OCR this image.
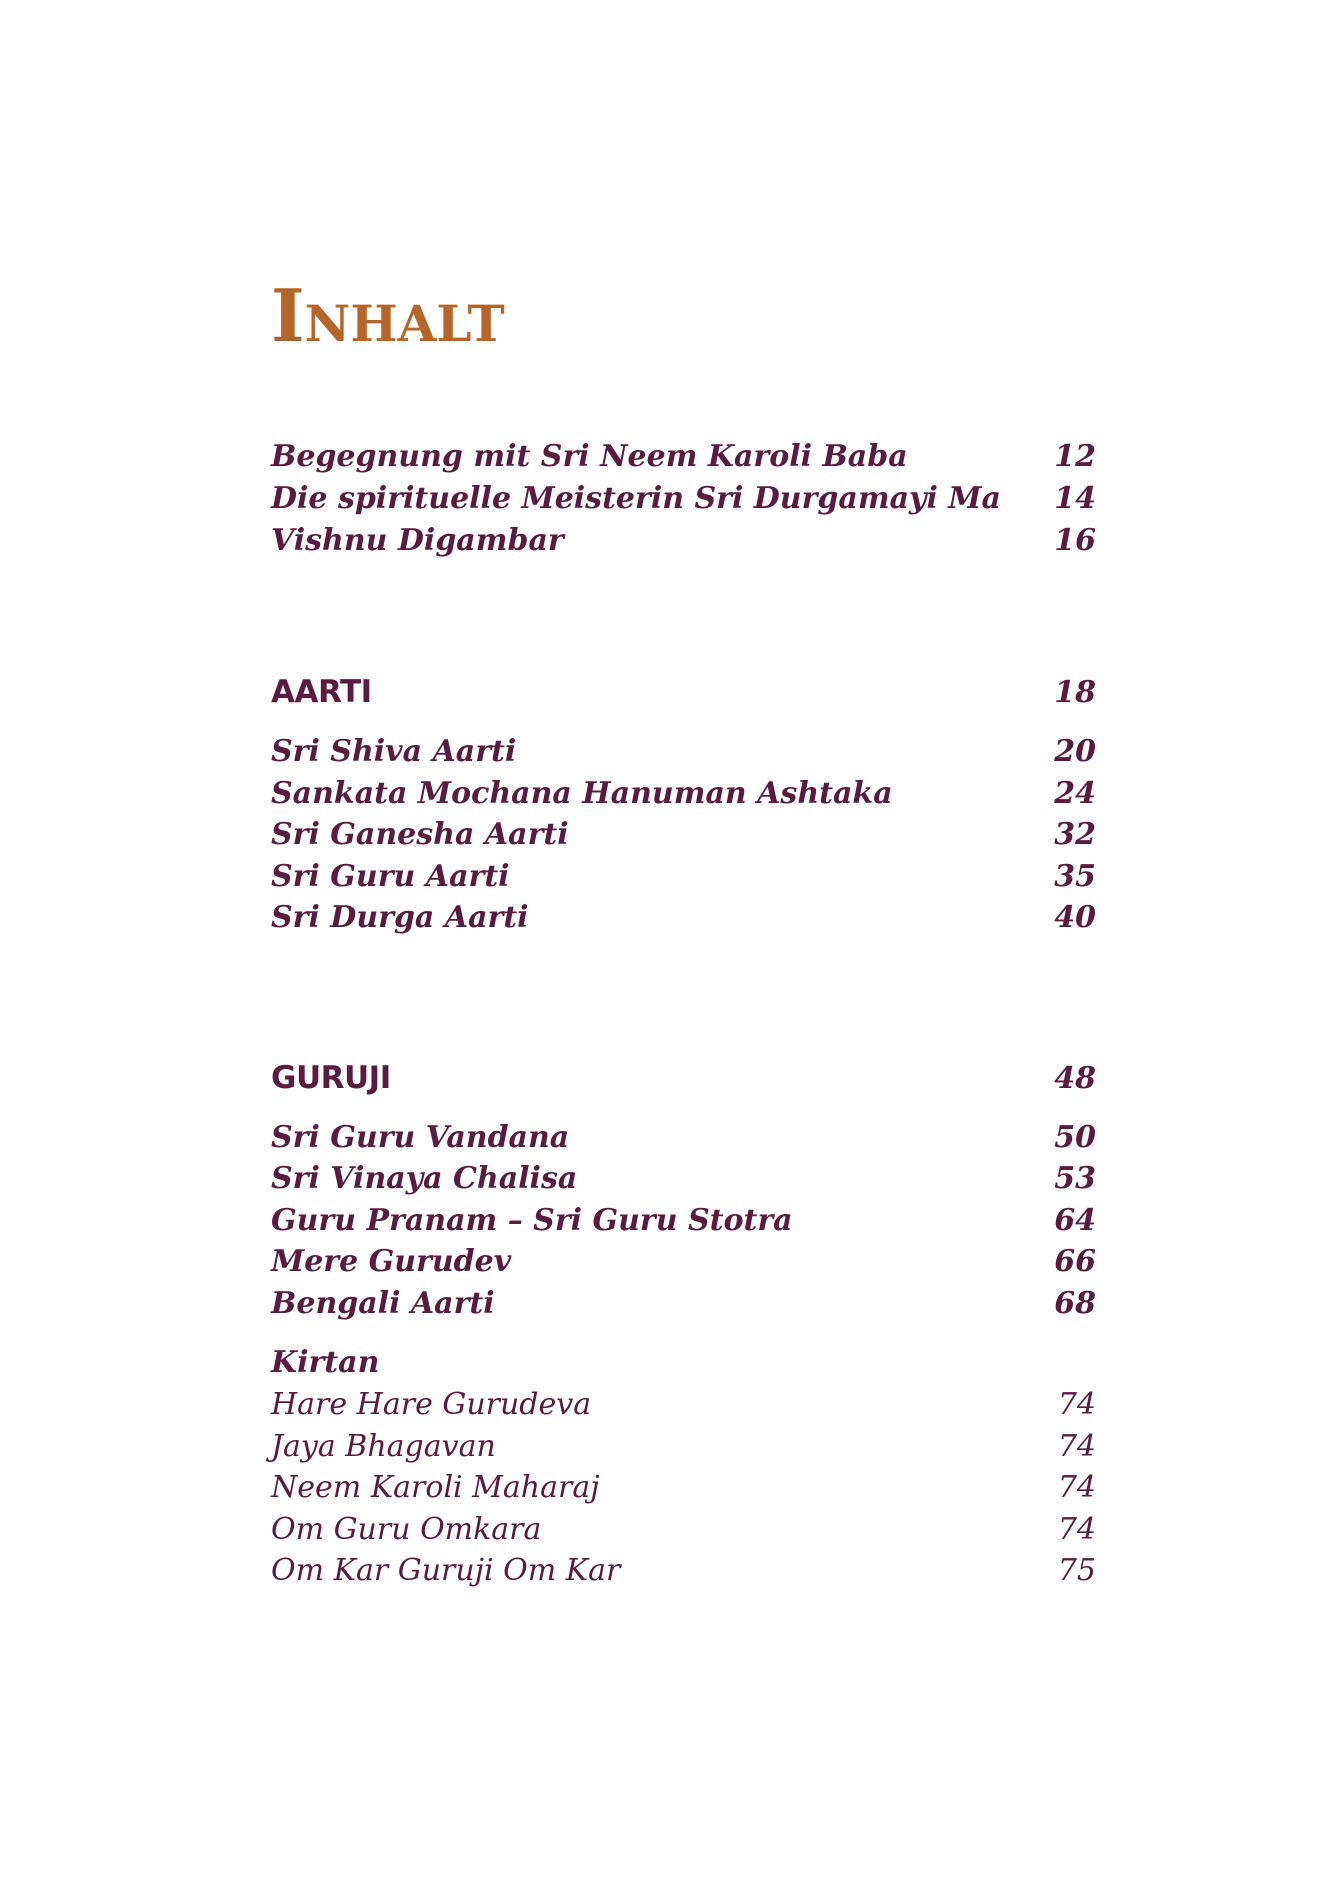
Inhalt
Begegnung mit Sri Neem Karoli Baba	12
Die spirituelle Meisterin Sri Durgamayi Ma 14
Vishnu Digambar	16
AARTI	18
Sri Shiva Aarti	20
Sankata Mochana Hanuman Ashtaka	24
Sri Ganesha Aarti	32
Sri Guru Aarti	35
Sri Durga Aarti	40
GURUJI	48
Sri Guru Vandana	50
Sri Vinaya Chalisa	53
Guru Pranam – Sri Guru Stotra	64
Mere Gurudev	66
Bengali Aarti	68
Kirtan
Hare Hare Gurudeva	74
Jaya Bhagavan	74
Neem Karoli Maharaj	74
Om Guru Omkara	74
Om Kar Guruji Om Kar	75
